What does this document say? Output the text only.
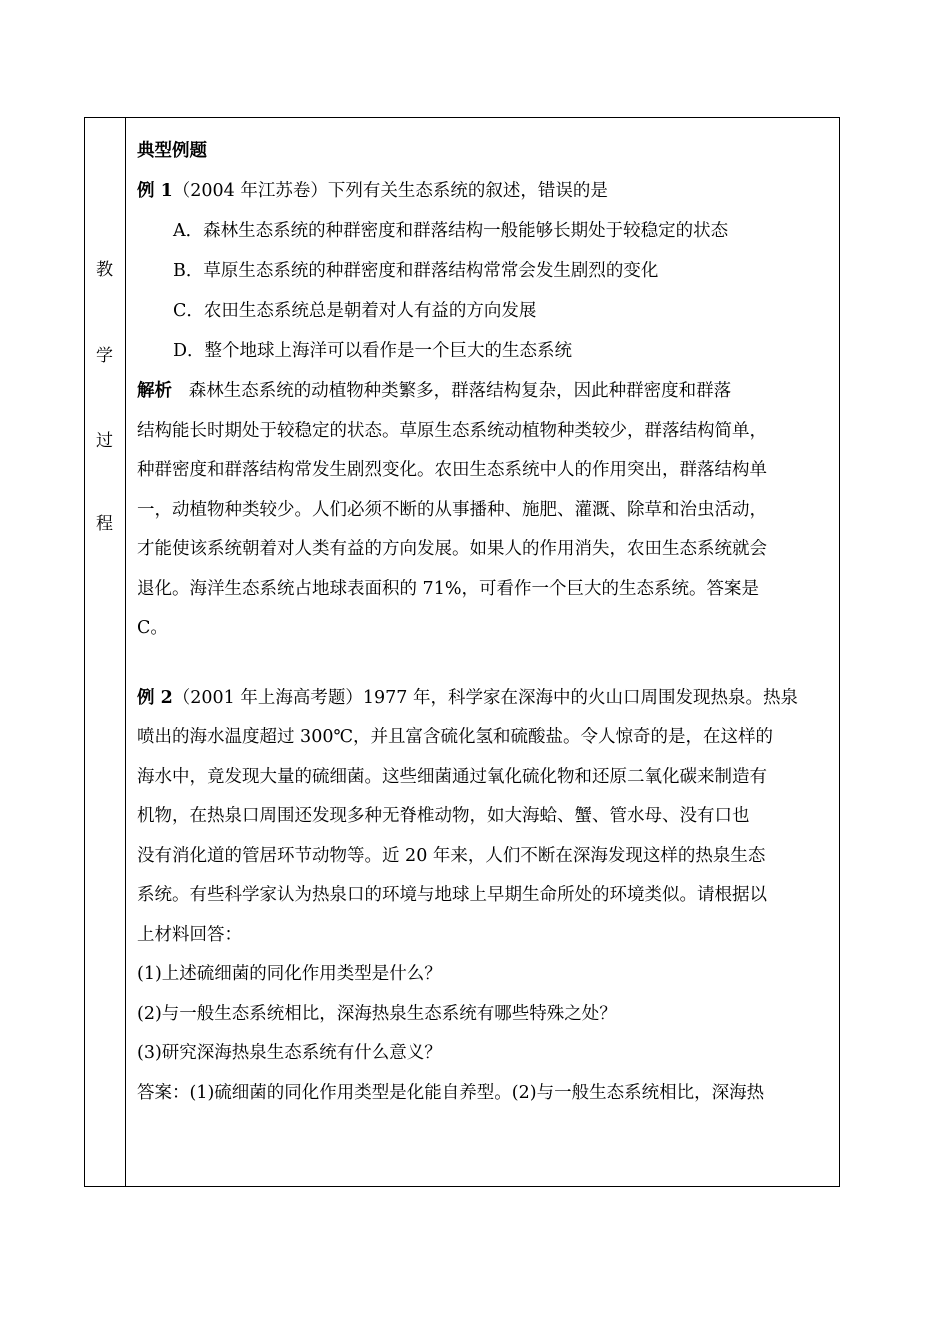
教
学
过
程
典型例题
例 1（2004 年江苏卷）下列有关生态系统的叙述，错误的是
A．森林生态系统的种群密度和群落结构一般能够长期处于较稳定的状态
B．草原生态系统的种群密度和群落结构常常会发生剧烈的变化
C．农田生态系统总是朝着对人有益的方向发展
D．整个地球上海洋可以看作是一个巨大的生态系统
解析   森林生态系统的动植物种类繁多，群落结构复杂，因此种群密度和群落
结构能长时期处于较稳定的状态。草原生态系统动植物种类较少，群落结构简单，
种群密度和群落结构常发生剧烈变化。农田生态系统中人的作用突出，群落结构单
一，动植物种类较少。人们必须不断的从事播种、施肥、灌溉、除草和治虫活动，
才能使该系统朝着对人类有益的方向发展。如果人的作用消失，农田生态系统就会
退化。海洋生态系统占地球表面积的 71%，可看作一个巨大的生态系统。答案是
C。
例 2（2001 年上海高考题）1977 年，科学家在深海中的火山口周围发现热泉。热泉
喷出的海水温度超过 300℃，并且富含硫化氢和硫酸盐。令人惊奇的是，在这样的
海水中，竟发现大量的硫细菌。这些细菌通过氧化硫化物和还原二氧化碳来制造有
机物，在热泉口周围还发现多种无脊椎动物，如大海蛤、蟹、管水母、没有口也
没有消化道的管居环节动物等。近 20 年来，人们不断在深海发现这样的热泉生态
系统。有些科学家认为热泉口的环境与地球上早期生命所处的环境类似。请根据以
上材料回答：
(1)上述硫细菌的同化作用类型是什么？
(2)与一般生态系统相比，深海热泉生态系统有哪些特殊之处？
(3)研究深海热泉生态系统有什么意义？
答案：(1)硫细菌的同化作用类型是化能自养型。(2)与一般生态系统相比，深海热
